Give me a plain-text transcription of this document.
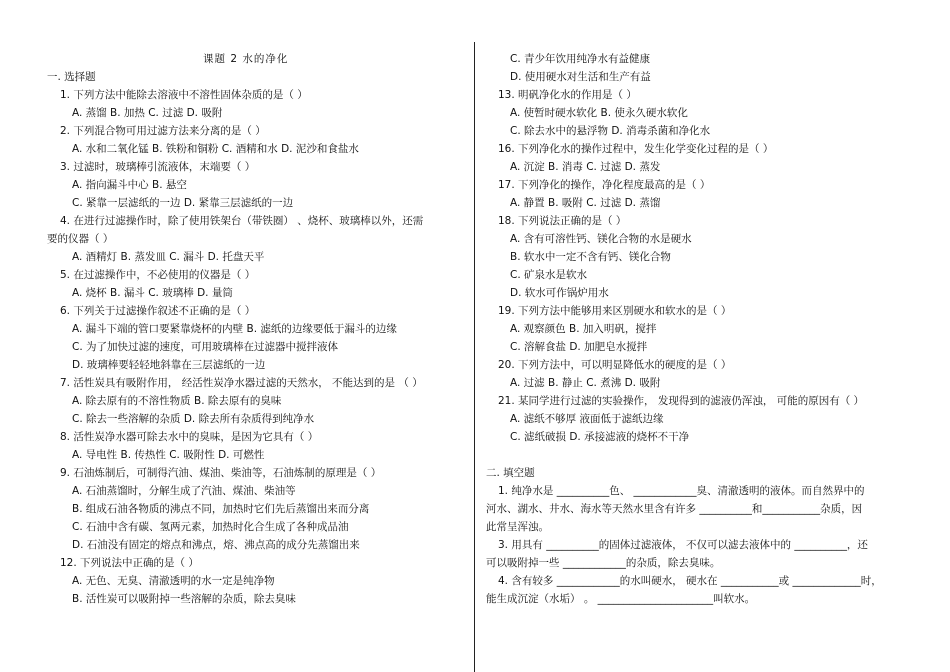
课题 2 水的净化
一. 选择题
1. 下列方法中能除去溶液中不溶性固体杂质的是（ ）
A. 蒸馏 B. 加热 C. 过滤 D. 吸附
2. 下列混合物可用过滤方法来分离的是（ ）
A. 水和二氧化锰 B. 铁粉和铜粉 C. 酒精和水 D. 泥沙和食盐水
3. 过滤时，玻璃棒引流液体，末端要（ ）
A. 指向漏斗中心 B. 悬空
C. 紧靠一层滤纸的一边 D. 紧靠三层滤纸的一边
4. 在进行过滤操作时，除了使用铁架台（带铁圈） 、烧杯、玻璃棒以外，还需
要的仪器（ ）
A. 酒精灯 B. 蒸发皿 C. 漏斗 D. 托盘天平
5. 在过滤操作中，不必使用的仪器是（ ）
A. 烧杯 B. 漏斗 C. 玻璃棒 D. 量筒
6. 下列关于过滤操作叙述不正确的是（ ）
A. 漏斗下端的管口要紧靠烧杯的内壁 B. 滤纸的边缘要低于漏斗的边缘
C. 为了加快过滤的速度，可用玻璃棒在过滤器中搅拌液体
D. 玻璃棒要轻轻地斜靠在三层滤纸的一边
7. 活性炭具有吸附作用， 经活性炭净水器过滤的天然水， 不能达到的是 （ ）
A. 除去原有的不溶性物质 B. 除去原有的臭味
C. 除去一些溶解的杂质 D. 除去所有杂质得到纯净水
8. 活性炭净水器可除去水中的臭味，是因为它具有（ ）
A. 导电性 B. 传热性 C. 吸附性 D. 可燃性
9. 石油炼制后，可制得汽油、煤油、柴油等，石油炼制的原理是（ ）
A. 石油蒸馏时，分解生成了汽油、煤油、柴油等
B. 组成石油各物质的沸点不同，加热时它们先后蒸馏出来而分离
C. 石油中含有碳、氢两元素，加热时化合生成了各种成品油
D. 石油没有固定的熔点和沸点，熔、沸点高的成分先蒸馏出来
12. 下列说法中正确的是（ ）
A. 无色、无臭、清澈透明的水一定是纯净物
B. 活性炭可以吸附掉一些溶解的杂质，除去臭味
C. 青少年饮用纯净水有益健康
D. 使用硬水对生活和生产有益
13. 明矾净化水的作用是（ ）
A. 使暂时硬水软化 B. 使永久硬水软化
C. 除去水中的悬浮物 D. 消毒杀菌和净化水
16. 下列净化水的操作过程中，发生化学变化过程的是（ ）
A. 沉淀 B. 消毒 C. 过滤 D. 蒸发
17. 下列净化的操作，净化程度最高的是（ ）
A. 静置 B. 吸附 C. 过滤 D. 蒸馏
18. 下列说法正确的是（ ）
A. 含有可溶性钙、镁化合物的水是硬水
B. 软水中一定不含有钙、镁化合物
C. 矿泉水是软水
D. 软水可作锅炉用水
19. 下列方法中能够用来区别硬水和软水的是（ ）
A. 观察颜色 B. 加入明矾，搅拌
C. 溶解食盐 D. 加肥皂水搅拌
20. 下列方法中，可以明显降低水的硬度的是（ ）
A. 过滤 B. 静止 C. 煮沸 D. 吸附
21. 某同学进行过滤的实验操作， 发现得到的滤液仍浑浊， 可能的原因有（ ）
A. 滤纸不够厚 液面低于滤纸边缘
C. 滤纸破损 D. 承接滤液的烧杯不干净
二. 填空题
1. 纯净水是 __________色、 ____________臭、清澈透明的液体。而自然界中的
河水、湖水、井水、海水等天然水里含有许多 __________和___________杂质，因
此常呈浑浊。
3. 用具有 __________的固体过滤液体， 不仅可以滤去液体中的 __________，还
可以吸附掉一些 ____________的杂质，除去臭味。
4. 含有较多 ____________的水叫硬水， 硬水在 ___________或 _____________时，
能生成沉淀（水垢） 。 ______________________叫软水。
